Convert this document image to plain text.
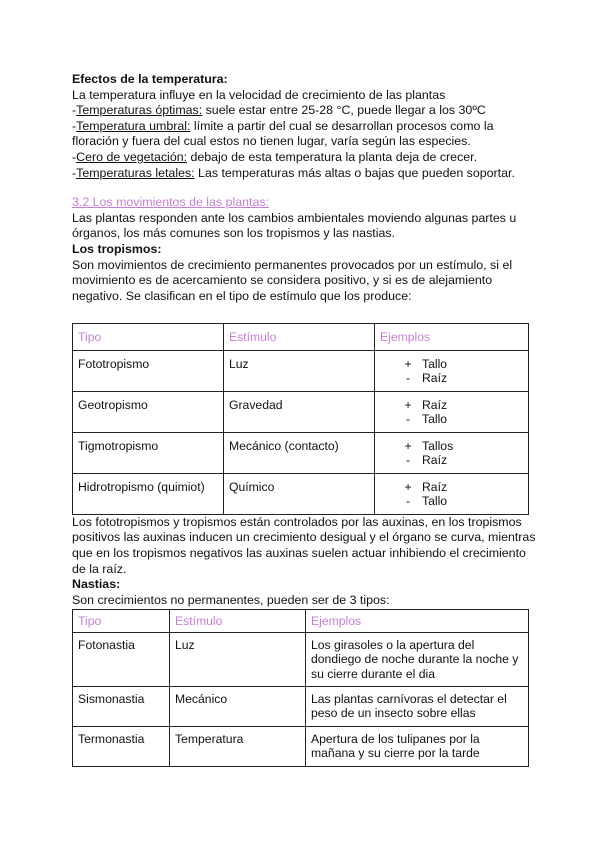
Efectos de la temperatura:
La temperatura influye en la velocidad de crecimiento de las plantas
-Temperaturas óptimas: suele estar entre 25-28 °C, puede llegar a los 30ºC
-Temperatura umbral: límite a partir del cual se desarrollan procesos como la
floración y fuera del cual estos no tienen lugar, varía según las especies.
-Cero de vegetación: debajo de esta temperatura la planta deja de crecer.
-Temperaturas letales: Las temperaturas más altas o bajas que pueden soportar.
3.2 Los movimientos de las plantas:
Las plantas responden ante los cambios ambientales moviendo algunas partes u
órganos, los más comunes son los tropismos y las nastias.
Los tropismos:
Son movimientos de crecimiento permanentes provocados por un estímulo, si el
movimiento es de acercamiento se considera positivo, y si es de alejamiento
negativo. Se clasifican en el tipo de estímulo que los produce:
Tipo	Estímulo	Ejemplos
Fototropismo	Luz	+ Tallo
- Raíz

Geotropismo	Gravedad	+ Raíz
- Tallo

Tigmotropismo	Mecánico (contacto)	+ Tallos
- Raíz

Hidrotropismo (quimiot)	Químico	+ Raíz
- Tallo
Los fototropismos y tropismos están controlados por las auxinas, en los tropismos
positivos las auxinas inducen un crecimiento desigual y el órgano se curva, mientras
que en los tropismos negativos las auxinas suelen actuar inhibiendo el crecimiento
de la raíz.
Nastias:
Son crecimientos no permanentes, pueden ser de 3 tipos:
Tipo	Estímulo	Ejemplos
Fotonastia	Luz	Los girasoles o la apertura del
dondiego de noche durante la noche y
su cierre durante el dia

Sismonastia	Mecánico	Las plantas carnívoras el detectar el
peso de un insecto sobre ellas

Termonastia	Temperatura	Apertura de los tulipanes por la
mañana y su cierre por la tarde
